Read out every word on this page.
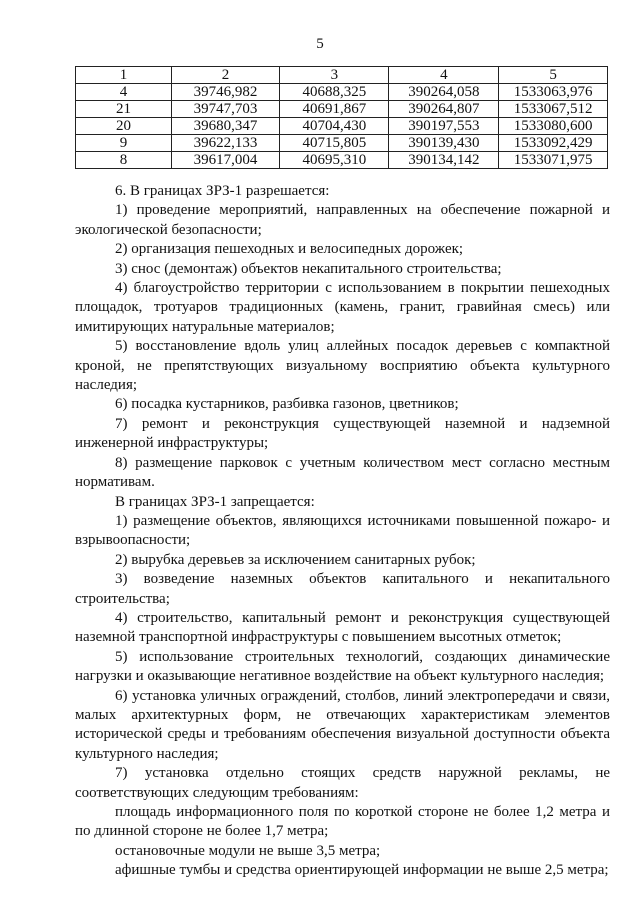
5
1	2	3	4	5
4	39746,982	40688,325	390264,058	1533063,976
21	39747,703	40691,867	390264,807	1533067,512
20	39680,347	40704,430	390197,553	1533080,600
9	39622,133	40715,805	390139,430	1533092,429
8	39617,004	40695,310	390134,142	1533071,975

6. В границах ЗРЗ-1 разрешается:

1) проведение мероприятий, направленных на обеспечение пожарной и экологической безопасности;

2) организация пешеходных и велосипедных дорожек;

3) снос (демонтаж) объектов некапитального строительства;

4) благоустройство территории с использованием в покрытии пешеходных площадок, тротуаров традиционных (камень, гранит, гравийная смесь) или имитирующих натуральные материалов;

5) восстановление вдоль улиц аллейных посадок деревьев с компактной кроной, не препятствующих визуальному восприятию объекта культурного наследия;

6) посадка кустарников, разбивка газонов, цветников;

7) ремонт и реконструкция существующей наземной и надземной инженерной инфраструктуры;

8) размещение парковок с учетным количеством мест согласно местным нормативам.

В границах ЗРЗ-1 запрещается:

1) размещение объектов, являющихся источниками повышенной пожаро- и взрывоопасности;

2) вырубка деревьев за исключением санитарных рубок;

3) возведение наземных объектов капитального и некапитального строительства;

4) строительство, капитальный ремонт и реконструкция существующей наземной транспортной инфраструктуры с повышением высотных отметок;

5) использование строительных технологий, создающих динамические нагрузки и оказывающие негативное воздействие на объект культурного наследия;

6) установка уличных ограждений, столбов, линий электропередачи и связи, малых архитектурных форм, не отвечающих характеристикам элементов исторической среды и требованиям обеспечения визуальной доступности объекта культурного наследия;

7) установка отдельно стоящих средств наружной рекламы, не соответствующих следующим требованиям:

площадь информационного поля по короткой стороне не более 1,2 метра и по длинной стороне не более 1,7 метра;

остановочные модули не выше 3,5 метра;

афишные тумбы и средства ориентирующей информации не выше 2,5 метра;
